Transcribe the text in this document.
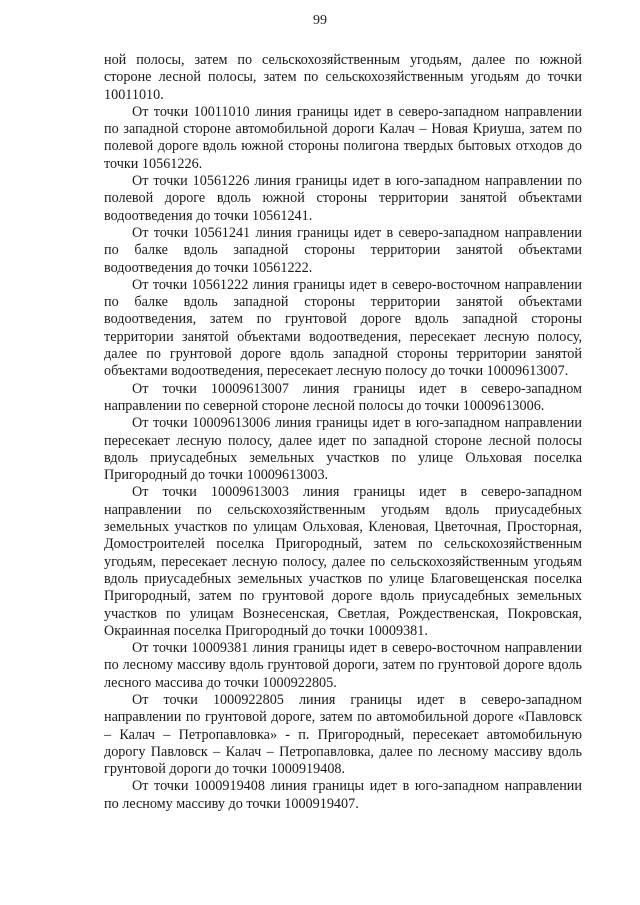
99

ной полосы, затем по сельскохозяйственным угодьям, далее по южной стороне лесной полосы, затем по сельскохозяйственным угодьям до точки 10011010.

От точки 10011010 линия границы идет в северо-западном направлении по западной стороне автомобильной дороги Калач – Новая Криуша, затем по полевой дороге вдоль южной стороны полигона твердых бытовых отходов до точки 10561226.

От точки 10561226 линия границы идет в юго-западном направлении по полевой дороге вдоль южной стороны территории занятой объектами водоотведения до точки 10561241.

От точки 10561241 линия границы идет в северо-западном направлении по балке вдоль западной стороны территории занятой объектами водоотведения до точки 10561222.

От точки 10561222 линия границы идет в северо-восточном направлении по балке вдоль западной стороны территории занятой объектами водоотведения, затем по грунтовой дороге вдоль западной стороны территории занятой объектами водоотведения, пересекает лесную полосу, далее по грунтовой дороге вдоль западной стороны территории занятой объектами водоотведения, пересекает лесную полосу до точки 10009613007.

От точки 10009613007 линия границы идет в северо-западном направлении по северной стороне лесной полосы до точки 10009613006.

От точки 10009613006 линия границы идет в юго-западном направлении пересекает лесную полосу, далее идет по западной стороне лесной полосы вдоль приусадебных земельных участков по улице Ольховая поселка Пригородный до точки 10009613003.

От точки 10009613003 линия границы идет в северо-западном направлении по сельскохозяйственным угодьям вдоль приусадебных земельных участков по улицам Ольховая, Кленовая, Цветочная, Просторная, Домостроителей поселка Пригородный, затем по сельскохозяйственным угодьям, пересекает лесную полосу, далее по сельскохозяйственным угодьям вдоль приусадебных земельных участков по улице Благовещенская поселка Пригородный, затем по грунтовой дороге вдоль приусадебных земельных участков по улицам Вознесенская, Светлая, Рождественская, Покровская, Окраинная поселка Пригородный до точки 10009381.

От точки 10009381 линия границы идет в северо-восточном направлении по лесному массиву вдоль грунтовой дороги, затем по грунтовой дороге вдоль лесного массива до точки 1000922805.

От точки 1000922805 линия границы идет в северо-западном направлении по грунтовой дороге, затем по автомобильной дороге «Павловск – Калач – Петропавловка» - п. Пригородный, пересекает автомобильную дорогу Павловск – Калач – Петропавловка, далее по лесному массиву вдоль грунтовой дороги до точки 1000919408.

От точки 1000919408 линия границы идет в юго-западном направлении по лесному массиву до точки 1000919407.
